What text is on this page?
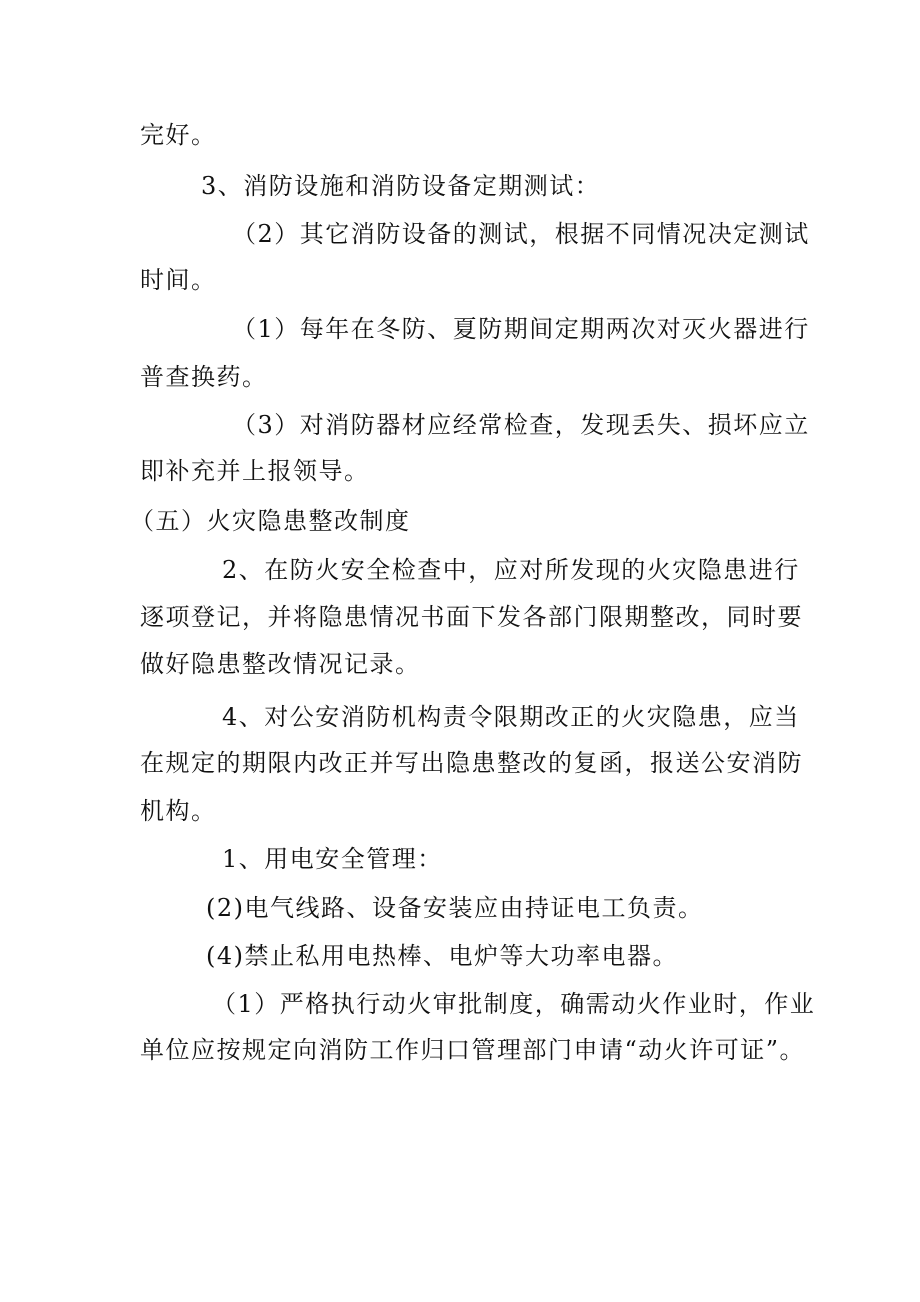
完好。
3、消防设施和消防设备定期测试：
（2）其它消防设备的测试，根据不同情况决定测试
时间。
（1）每年在冬防、夏防期间定期两次对灭火器进行
普查换药。
（3）对消防器材应经常检查，发现丢失、损坏应立
即补充并上报领导。
（五）火灾隐患整改制度
2、在防火安全检查中，应对所发现的火灾隐患进行
逐项登记，并将隐患情况书面下发各部门限期整改，同时要
做好隐患整改情况记录。
4、对公安消防机构责令限期改正的火灾隐患，应当
在规定的期限内改正并写出隐患整改的复函，报送公安消防
机构。
1、用电安全管理：
(2)电气线路、设备安装应由持证电工负责。
(4)禁止私用电热棒、电炉等大功率电器。
（1）严格执行动火审批制度，确需动火作业时，作业
单位应按规定向消防工作归口管理部门申请“动火许可证”。
